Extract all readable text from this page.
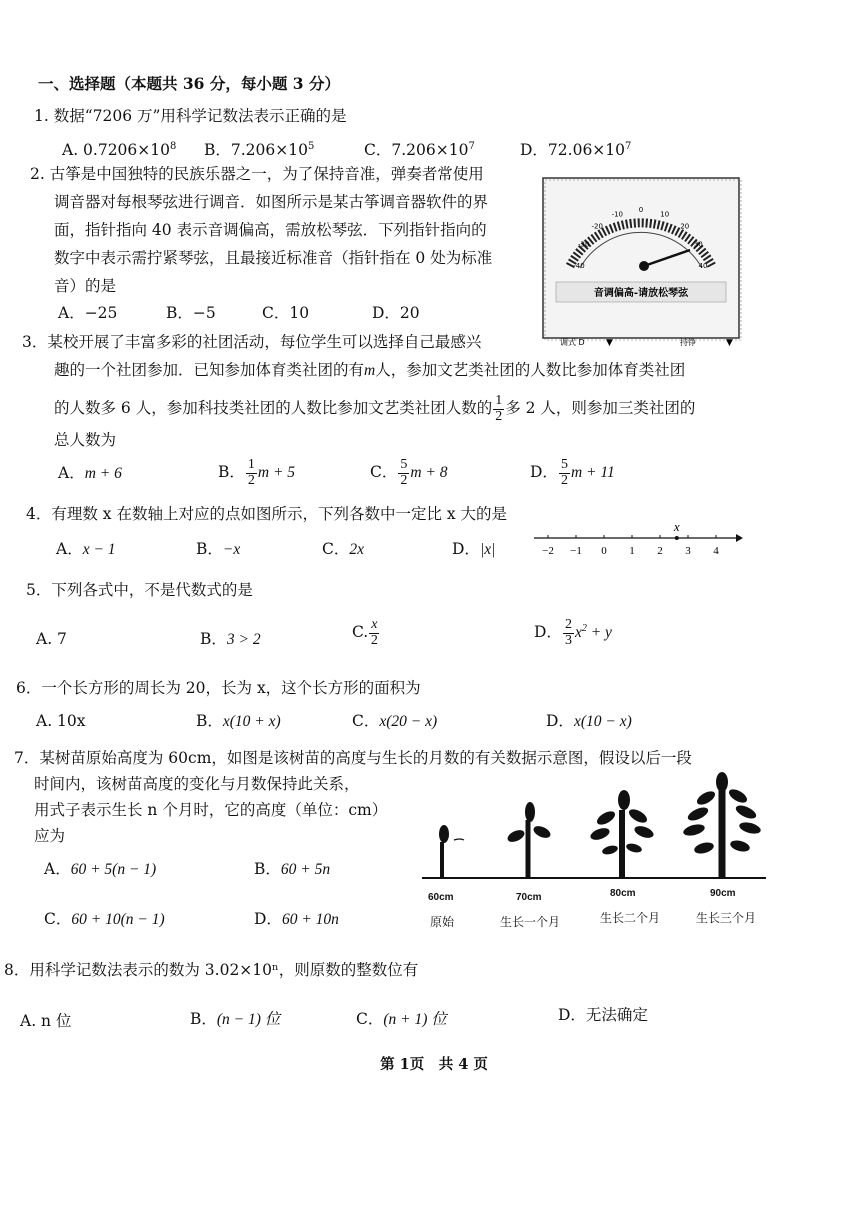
一、选择题（本题共 36 分，每小题 3 分）
1. 数据“7206 万”用科学记数法表示正确的是
A. $0.7206\times 10^8$ B．$7.206\times 10^5$	C．$7.206\times 10^7$	D．$72.06\times 10^7$
2. 古筝是中国独特的民族乐器之一，为了保持音准，弹奏者常使用
调音器对每根琴弦进行调音．如图所示是某古筝调音器软件的界
面，指针指向 40 表示音调偏高，需放松琴弦．下列指针指向的
数字中表示需拧紧琴弦，且最接近标准音（指针指在 0 处为标准
音）的是
A．−25	B．−5	C．10	D．20
-40
-30
-20
-10
0
10
20
30
40
音调偏高-请放松琴弦
调式 D ▼	持铮	▼
3．某校开展了丰富多彩的社团活动，每位学生可以选择自己最感兴
趣的一个社团参加．已知参加体育类社团的有m人，参加文艺类社团的人数比参加体育类社团
的人数多 6 人，参加科技类社团的人数比参加文艺类社团人数的 $\frac{1}{2}$ 多 2 人，则参加三类社团的
总人数为
A．m + 6	B． $\frac{1}{2}$ m + 5	C． $\frac{5}{2}$ m + 8	D． $\frac{5}{2}$ m + 11
4．有理数 x 在数轴上对应的点如图所示，下列各数中一定比 x 大的是
A．x − 1	B．−x	C．2x	D．|x|	−2 −1 0 1 2 3 4
x
5．下列各式中，不是代数式的是
A. 7	B．3 > 2	C. $\frac{x}{2}$	D． $\frac{2}{3} x^2 + y$
6．一个长方形的周长为 20，长为 x，这个长方形的面积为
A. 10x	B．x(10 + x)	C．x(20 − x)	D．x(10 − x)
7．某树苗原始高度为 60cm，如图是该树苗的高度与生长的月数的有关数据示意图，假设以后一段
时间内，该树苗高度的变化与月数保持此关系，
用式子表示生长 n 个月时，它的高度（单位：cm）
应为
A．60 + 5(n − 1)	B．60 + 5n
C．60 + 10(n − 1)	D．60 + 10n
60cm	70cm	80cm	90cm
原始	生长一个月	生长二个月	生长三个月
8．用科学记数法表示的数为 3.02×10ⁿ，则原数的整数位有
A. n 位	B．(n − 1) 位	C．(n + 1) 位	D．无法确定
第 1页　共 4 页
